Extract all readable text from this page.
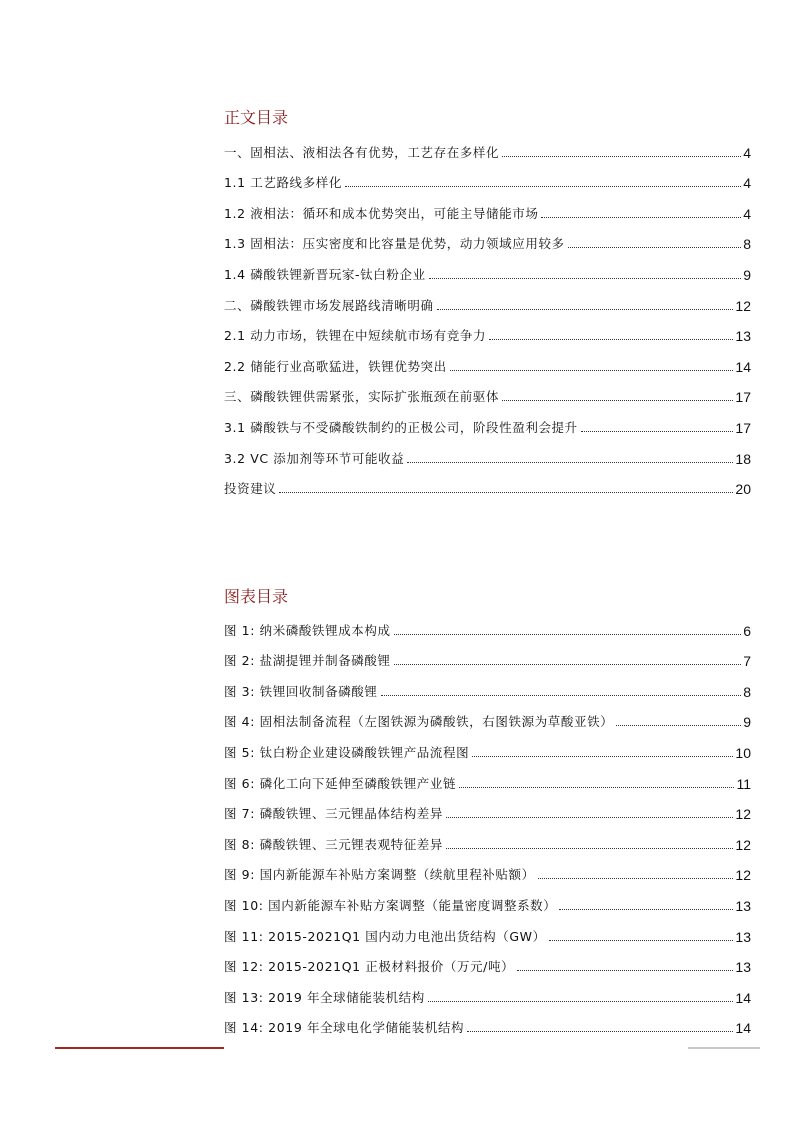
正文目录
一、固相法、液相法各有优势，工艺存在多样化	4
1.1 工艺路线多样化	4
1.2 液相法：循环和成本优势突出，可能主导储能市场	4
1.3 固相法：压实密度和比容量是优势，动力领域应用较多	8
1.4 磷酸铁锂新晋玩家-钛白粉企业	9
二、磷酸铁锂市场发展路线清晰明确	12
2.1 动力市场，铁锂在中短续航市场有竞争力	13
2.2 储能行业高歌猛进，铁锂优势突出	14
三、磷酸铁锂供需紧张，实际扩张瓶颈在前驱体	17
3.1 磷酸铁与不受磷酸铁制约的正极公司，阶段性盈利会提升	17
3.2 VC 添加剂等环节可能收益	18
投资建议	20
图表目录
图 1: 纳米磷酸铁锂成本构成	6
图 2: 盐湖提锂并制备磷酸锂	7
图 3: 铁锂回收制备磷酸锂	8
图 4: 固相法制备流程（左图铁源为磷酸铁，右图铁源为草酸亚铁）	9
图 5: 钛白粉企业建设磷酸铁锂产品流程图	10
图 6: 磷化工向下延伸至磷酸铁锂产业链	11
图 7: 磷酸铁锂、三元锂晶体结构差异	12
图 8: 磷酸铁锂、三元锂表观特征差异	12
图 9: 国内新能源车补贴方案调整（续航里程补贴额）	12
图 10: 国内新能源车补贴方案调整（能量密度调整系数）	13
图 11: 2015-2021Q1 国内动力电池出货结构（GW）	13
图 12: 2015-2021Q1 正极材料报价（万元/吨）	13
图 13: 2019 年全球储能装机结构	14
图 14: 2019 年全球电化学储能装机结构	14
